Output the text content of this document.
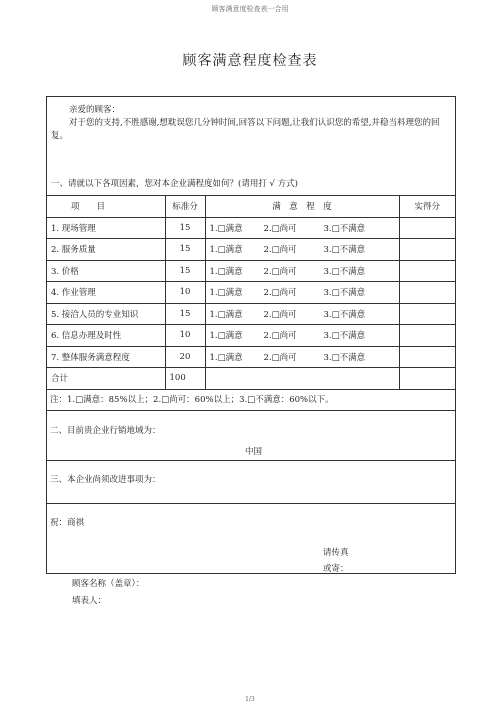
顾客满意度检查表一合用
顾客满意程度检查表
亲爱的顾客：
对于您的支持,不胜感谢,想耽误您几分钟时间,回答以下问题,让我们认识您的希望,并稳当料理您的回复。
一、请就以下各项因素，您对本企业满程度如何？(请用打 √ 方式)
项　　目	标准分	满　意　程　度	实得分
1. 现场管理	15	1.□满意 2.□尚可 3.□不满意	
2. 服务质量	15	1.□满意 2.□尚可 3.□不满意	
3. 价格	15	1.□满意 2.□尚可 3.□不满意	
4. 作业管理	10	1.□满意 2.□尚可 3.□不满意	
5. 接洽人员的专业知识	15	1.□满意 2.□尚可 3.□不满意	
6. 信息办理及时性	10	1.□满意 2.□尚可 3.□不满意	
7. 整体服务满意程度	20	1.□满意 2.□尚可 3.□不满意	
合计	100		
注：1.□满意：85%以上；2.□尚可：60%以上；3.□不满意：60%以下。
二、目前贵企业行销地域为：
中国
三、本企业尚须改进事项为：
祝：商祺
请传真
或寄：
顾客名称（盖章）：
填表人：
1/3
